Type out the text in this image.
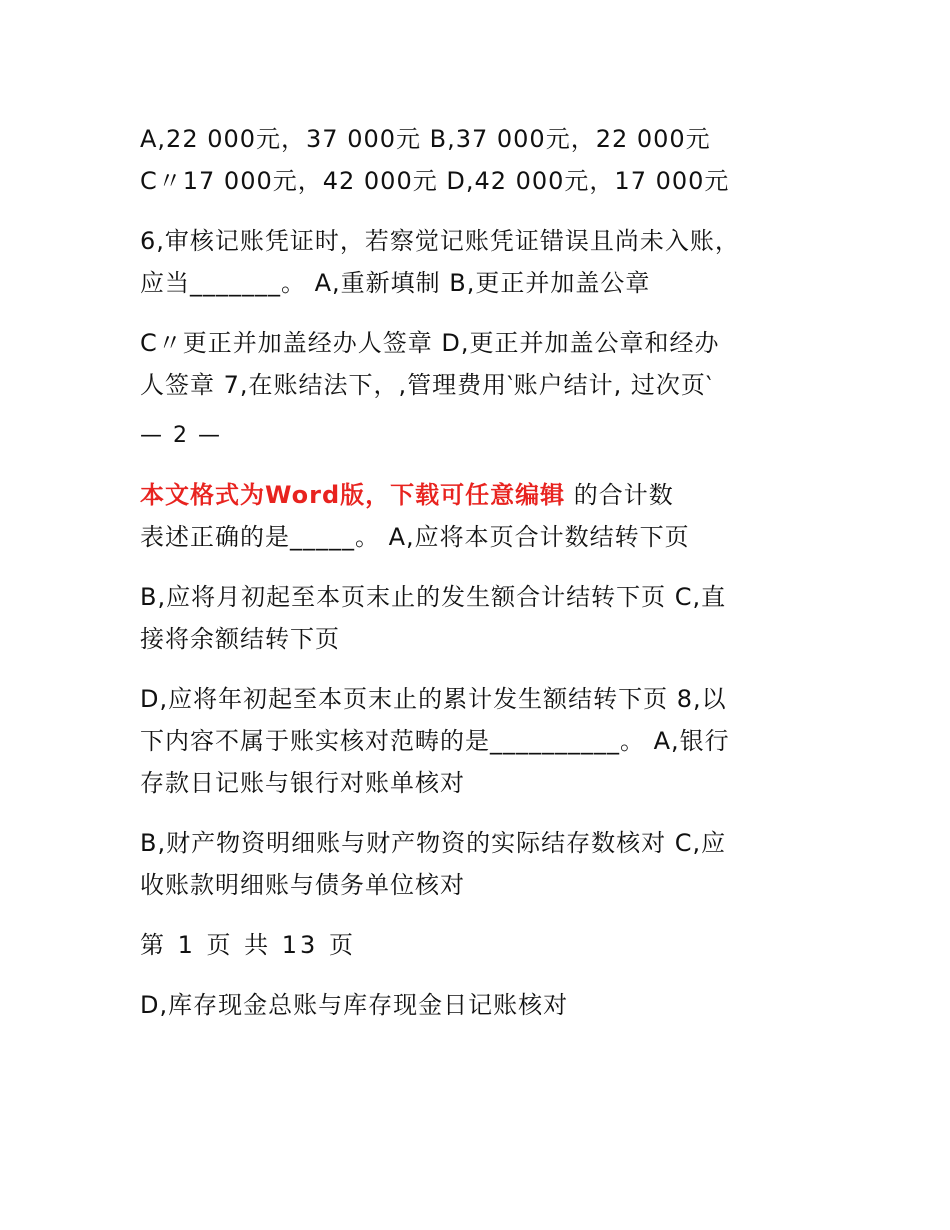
A,22 000元，37 000元 B,37 000元，22 000元
C〃17 000元，42 000元 D,42 000元，17 000元

6,审核记账凭证时，若察觉记账凭证错误且尚未入账，
应当_______。 A,重新填制 B,更正并加盖公章

C〃更正并加盖经办人签章 D,更正并加盖公章和经办
人签章 7,在账结法下，,管理费用‵账户结计, 过次页‵

— 2 —

本文格式为Word版，下载可任意编辑 的合计数
表述正确的是_____。 A,应将本页合计数结转下页

B,应将月初起至本页末止的发生额合计结转下页 C,直
接将余额结转下页

D,应将年初起至本页末止的累计发生额结转下页 8,以
下内容不属于账实核对范畴的是__________。 A,银行
存款日记账与银行对账单核对

B,财产物资明细账与财产物资的实际结存数核对 C,应
收账款明细账与债务单位核对

第 1 页 共 13 页

D,库存现金总账与库存现金日记账核对
